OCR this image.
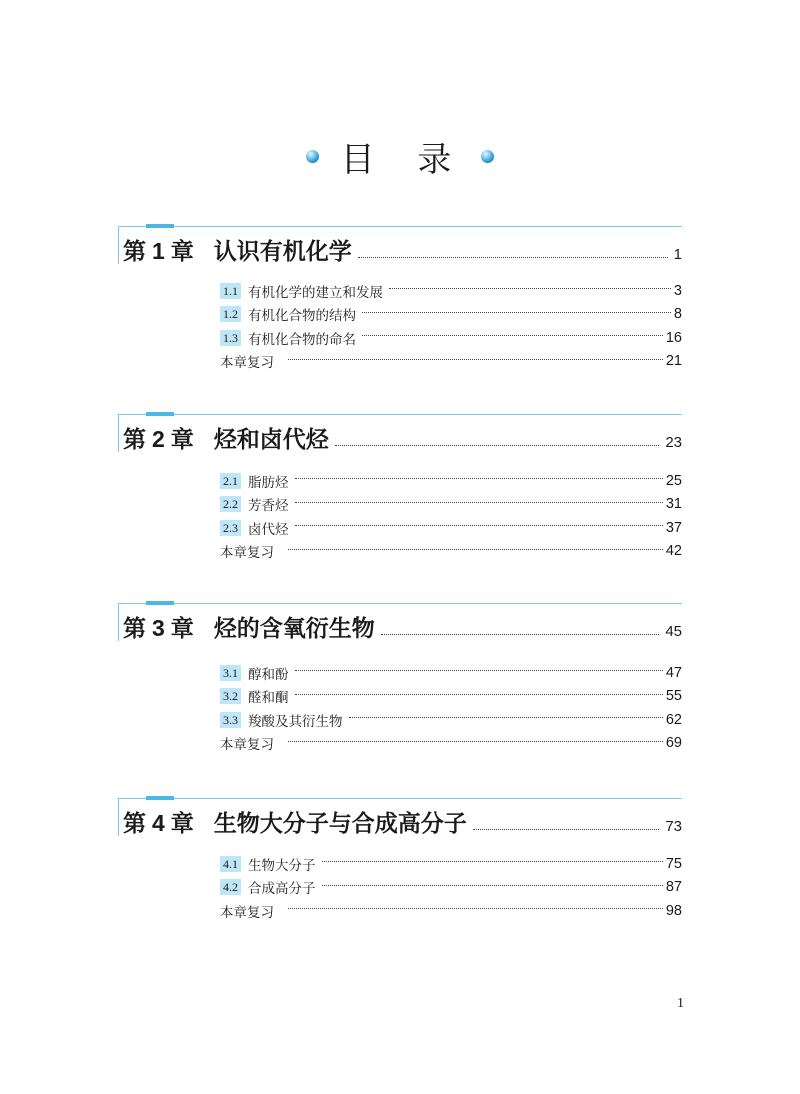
目 录
第 1 章 认识有机化学	1
1.1 有机化学的建立和发展	3
1.2 有机化合物的结构	8
1.3 有机化合物的命名	16
本章复习	21
第 2 章 烃和卤代烃	23
2.1 脂肪烃	25
2.2 芳香烃	31
2.3 卤代烃	37
本章复习	42
第 3 章 烃的含氧衍生物	45
3.1 醇和酚	47
3.2 醛和酮	55
3.3 羧酸及其衍生物	62
本章复习	69
第 4 章 生物大分子与合成高分子	73
4.1 生物大分子	75
4.2 合成高分子	87
本章复习	98
1
